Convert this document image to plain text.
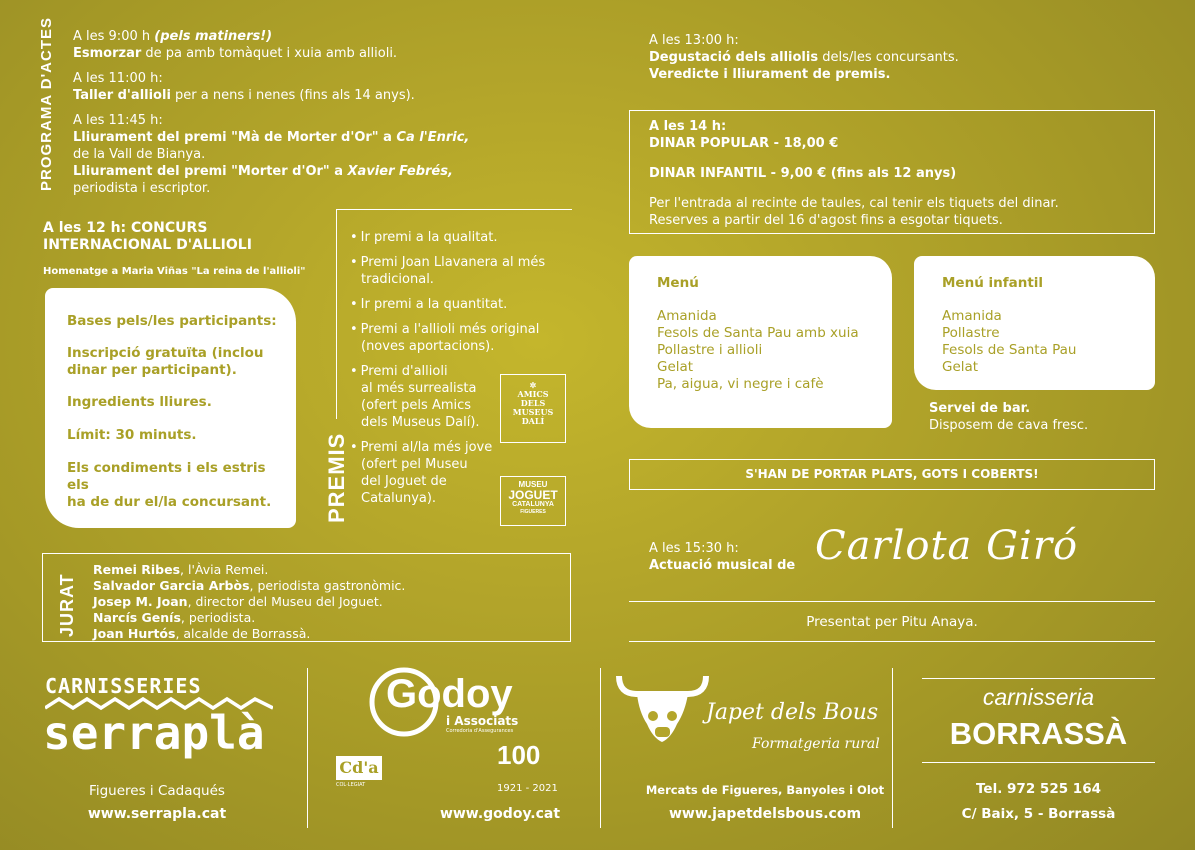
PROGRAMA D'ACTES A les 9:00 h (pels matiners!)
Esmorzar de pa amb tomàquet i xuia amb allioli.
A les 11:00 h:
Taller d'allioli per a nens i nenes (fins als 14 anys).
A les 11:45 h:
Lliurament del premi "Mà de Morter d'Or" a Ca l'Enric,
de la Vall de Bianya.
Lliurament del premi "Morter d'Or" a Xavier Febrés,
periodista i escriptor.
A les 12 h: CONCURS
INTERNACIONAL D'ALLIOLI
Homenatge a Maria Viñas "La reina de l'allioli"
Bases pels/les participants:
Inscripció gratuïta (inclou
dinar per participant).
Ingredients lliures.
Límit: 30 minuts.
Els condiments i els estris els
ha de dur el/la concursant.	PREMIS
• Ir premi a la qualitat.
• Premi Joan Llavanera al més
tradicional.
• Ir premi a la quantitat.
• Premi a l'allioli més original
(noves aportacions).
• Premi d'allioli
al més surrealista
(ofert pels Amics
dels Museus Dalí).
• Premi al/la més jove
(ofert pel Museu
del Joguet de
Catalunya).
✲
AMICS
DELS
MUSEUS
DALÍ
MUSEU
JOGUET
CATALUNYA
FIGUERES
JURAT
Remei Ribes, l'Àvia Remei.
Salvador Garcia Arbòs, periodista gastronòmic.
Josep M. Joan, director del Museu del Joguet.
Narcís Genís, periodista.
Joan Hurtós, alcalde de Borrassà.
A les 13:00 h:
Degustació dels alliolis dels/les concursants.
Veredicte i lliurament de premis.
A les 14 h:
DINAR POPULAR - 18,00 €
DINAR INFANTIL - 9,00 € (fins als 12 anys)
Per l'entrada al recinte de taules, cal tenir els tiquets del dinar.
Reserves a partir del 16 d'agost fins a esgotar tiquets.
Menú
Amanida
Fesols de Santa Pau amb xuia
Pollastre i allioli
Gelat
Pa, aigua, vi negre i cafè
Menú infantil
Amanida
Pollastre
Fesols de Santa Pau
Gelat
Servei de bar.
Disposem de cava fresc.
S'HAN DE PORTAR PLATS, GOTS I COBERTS!
A les 15:30 h:
Actuació musical de Carlota Giró
Presentat per Pitu Anaya.
CARNISSERIES
serraplà
Figueres i Cadaqués
www.serrapla.cat
Godoy
i Associats
Corredoria d'Assegurances
Cd'a
COL·LEGIAT
100
1921 - 2021
www.godoy.cat
Japet dels Bous
Formatgeria rural
Mercats de Figueres, Banyoles i Olot
www.japetdelsbous.com
carnisseria
BORRASSÀ
Tel. 972 525 164
C/ Baix, 5 - Borrassà
